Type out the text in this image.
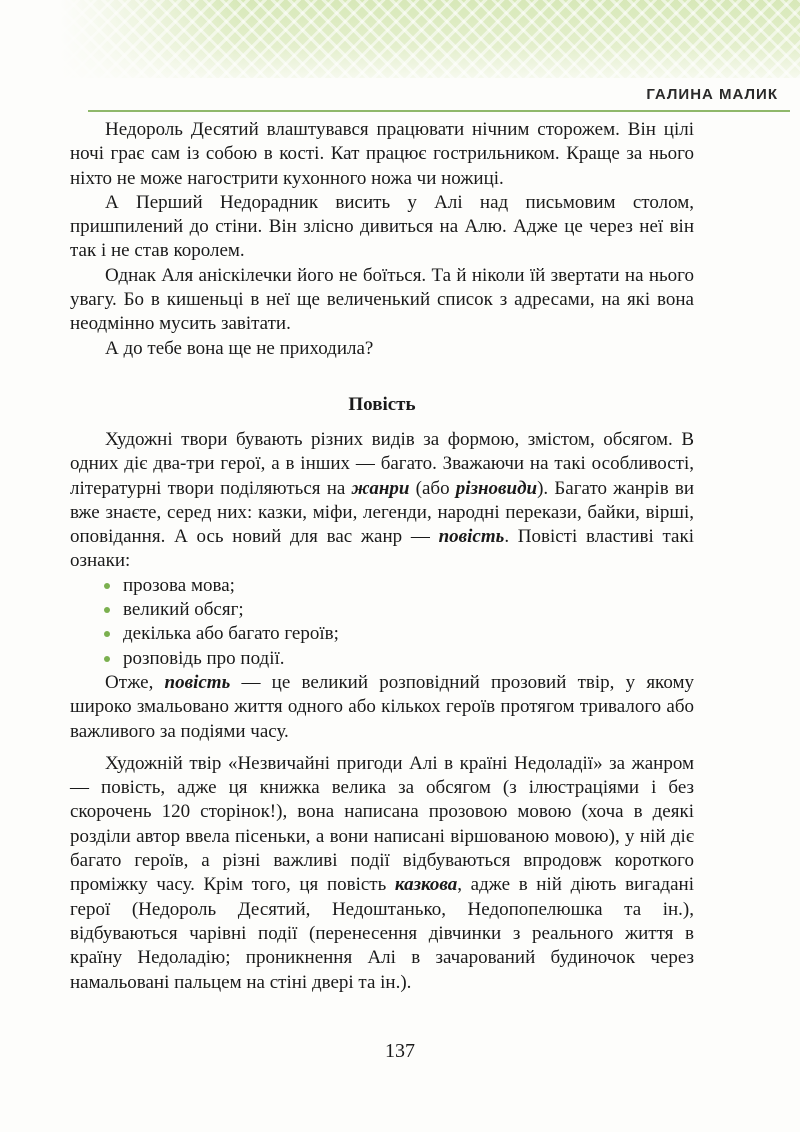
ГАЛИНА МАЛИК

Недороль Десятий влаштувався працювати нічним сторожем. Він цілі ночі грає сам із собою в кості. Кат працює гострильником. Краще за нього ніхто не може нагострити кухонного ножа чи ножиці.

А Перший Недорадник висить у Алі над письмовим столом, пришпилений до стіни. Він злісно дивиться на Алю. Адже це через неї він так і не став королем.

Однак Аля аніскілечки його не боїться. Та й ніколи їй звертати на нього увагу. Бо в кишеньці в неї ще величенький список з адресами, на які вона неодмінно мусить завітати.

А до тебе вона ще не приходила?

Повість

Художні твори бувають різних видів за формою, змістом, обсягом. В одних діє два-три герої, а в інших — багато. Зважаючи на такі особливості, літературні твори поділяються на жанри (або різновиди). Багато жанрів ви вже знаєте, серед них: казки, міфи, легенди, народні перекази, байки, вірші, оповідання. А ось новий для вас жанр — повість. Повісті властиві такі ознаки:

прозова мова;
великий обсяг;
декілька або багато героїв;
розповідь про події.

Отже, повість — це великий розповідний прозовий твір, у якому широко змальовано життя одного або кількох героїв протягом тривалого або важливого за подіями часу.

Художній твір «Незвичайні пригоди Алі в країні Недоладії» за жанром — повість, адже ця книжка велика за обсягом (з ілюстраціями і без скорочень 120 сторінок!), вона написана прозовою мовою (хоча в деякі розділи автор ввела пісеньки, а вони написані віршованою мовою), у ній діє багато героїв, а різні важливі події відбуваються впродовж короткого проміжку часу. Крім того, ця повість казкова, адже в ній діють вигадані герої (Недороль Десятий, Недоштанько, Недопопелюшка та ін.), відбуваються чарівні події (перенесення дівчинки з реального життя в країну Недоладію; проникнення Алі в зачарований будиночок через намальовані пальцем на стіні двері та ін.).

137
